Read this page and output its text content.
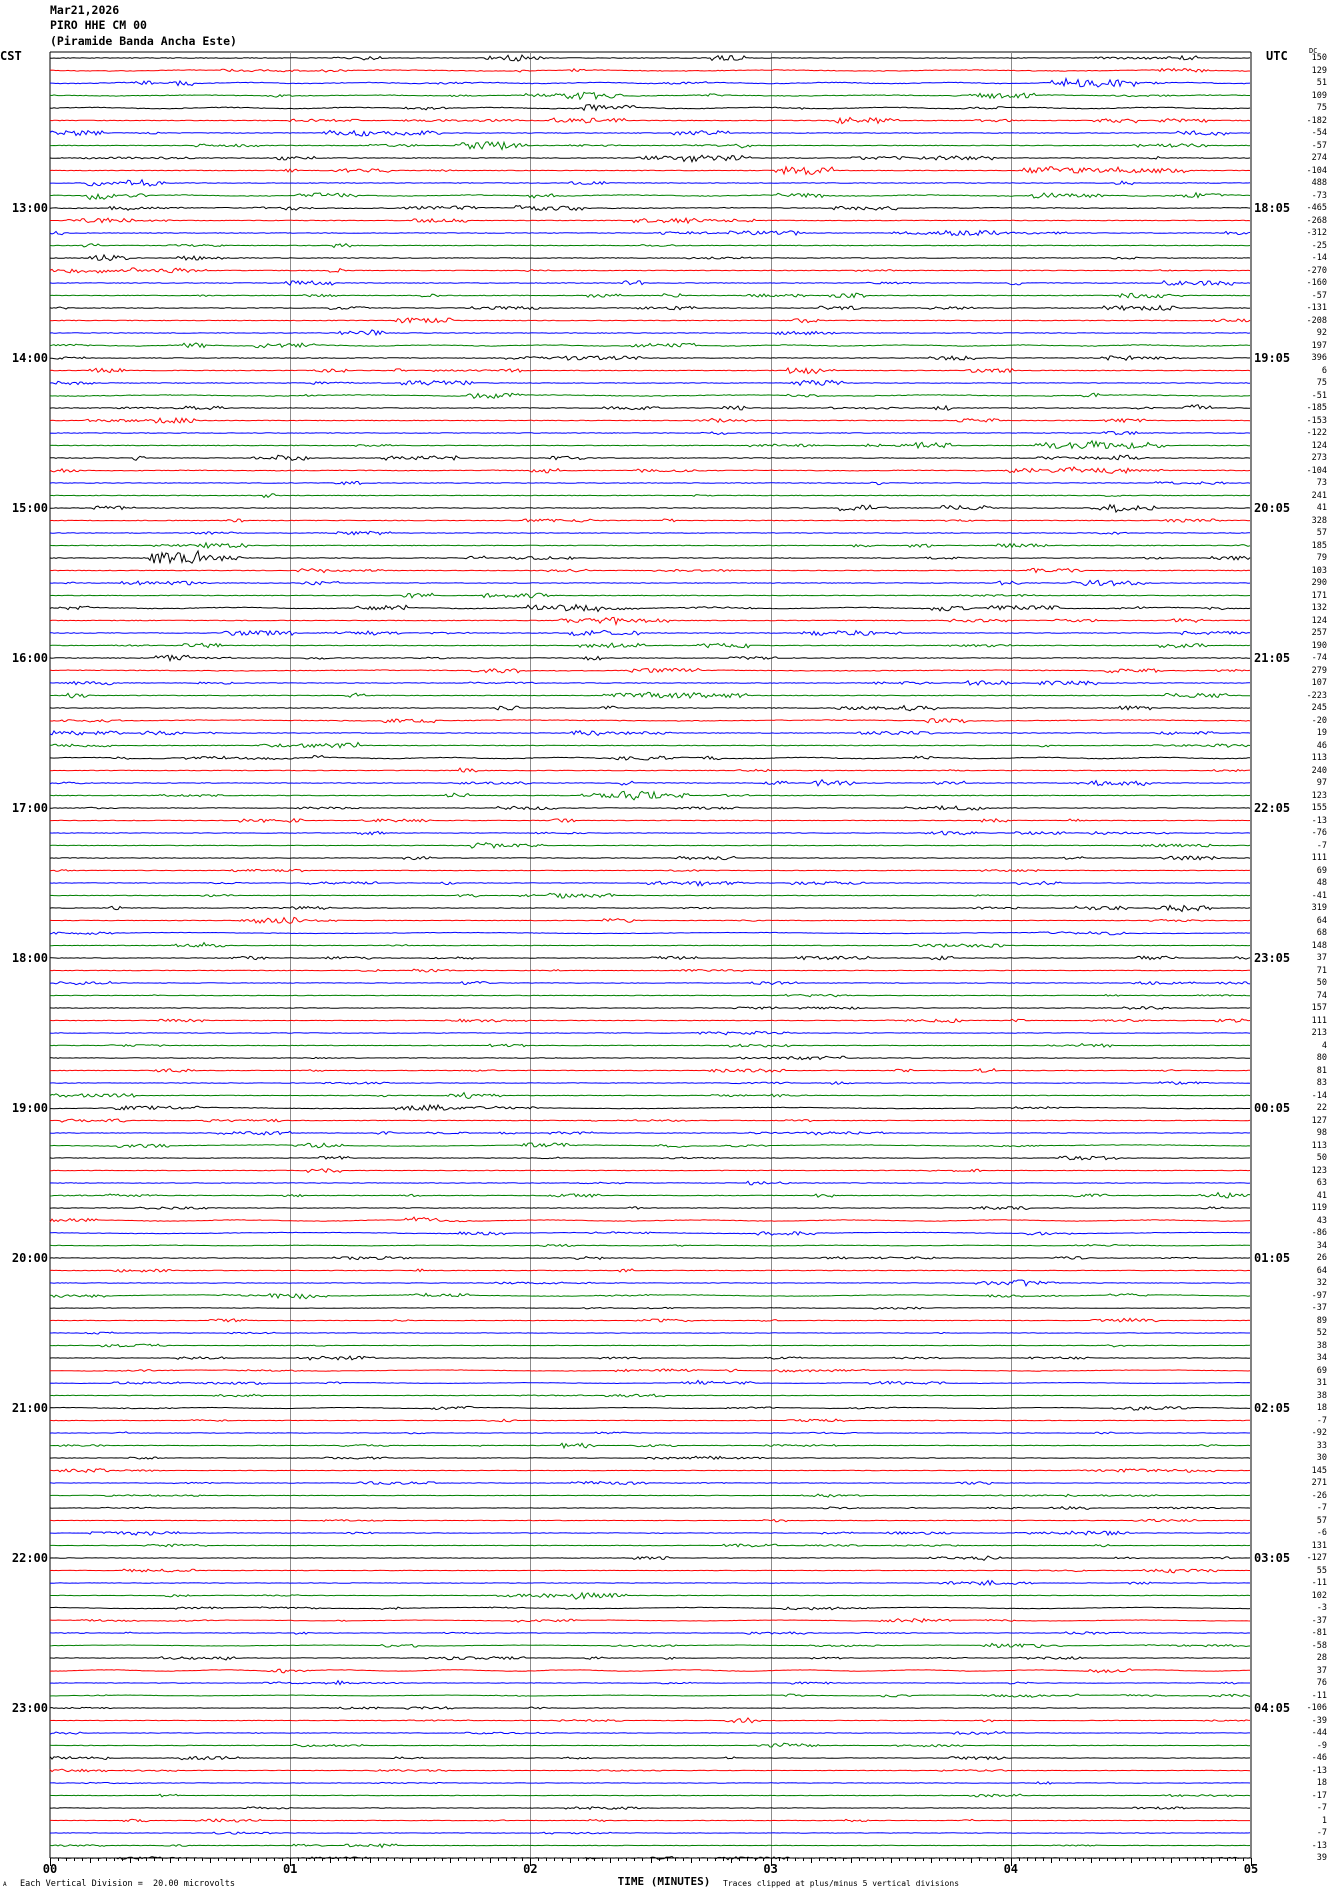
Mar21,2026
PIRO HHE CM 00
(Piramide Banda Ancha Este)
CST	UTC	DC
00	01	02	03	04	05
13:00
14:00
15:00
16:00
17:00
18:00
19:00
20:00
21:00
22:00
23:00
18:05
19:05
20:05
21:05
22:05
23:05
00:05
01:05
02:05
03:05
04:05
150
129
51
109
75
-182
-54
-57
274
-104
488
-73
-465
-268
-312
-25
-14
-270
-160
-57
-131
-208
92
197
396
6
75
-51
-185
-153
-122
124
273
-104
73
241
41
328
57
185
79
103
290
171
132
124
257
190
-74
279
107
-223
245
-20
19
46
113
240
97
123
155
-13
-76
-7
111
69
48
-41
319
64
68
148
37
71
50
74
157
111
213
4
80
81
83
-14
22
127
98
113
50
123
63
41
119
43
-86
34
26
64
32
-97
-37
89
52
38
34
69
31
38
18
-7
-92
33
30
145
271
-26
-7
57
-6
131
-127
55
-11
102
-3
-37
-81
-58
28
37
76
-11
-106
-39
-44
-9
-46
-13
18
-17
-7
1
-7
-13
39
TIME (MINUTES)
Each Vertical Division =  20.00 microvolts	Traces clipped at plus/minus 5 vertical divisions
A
